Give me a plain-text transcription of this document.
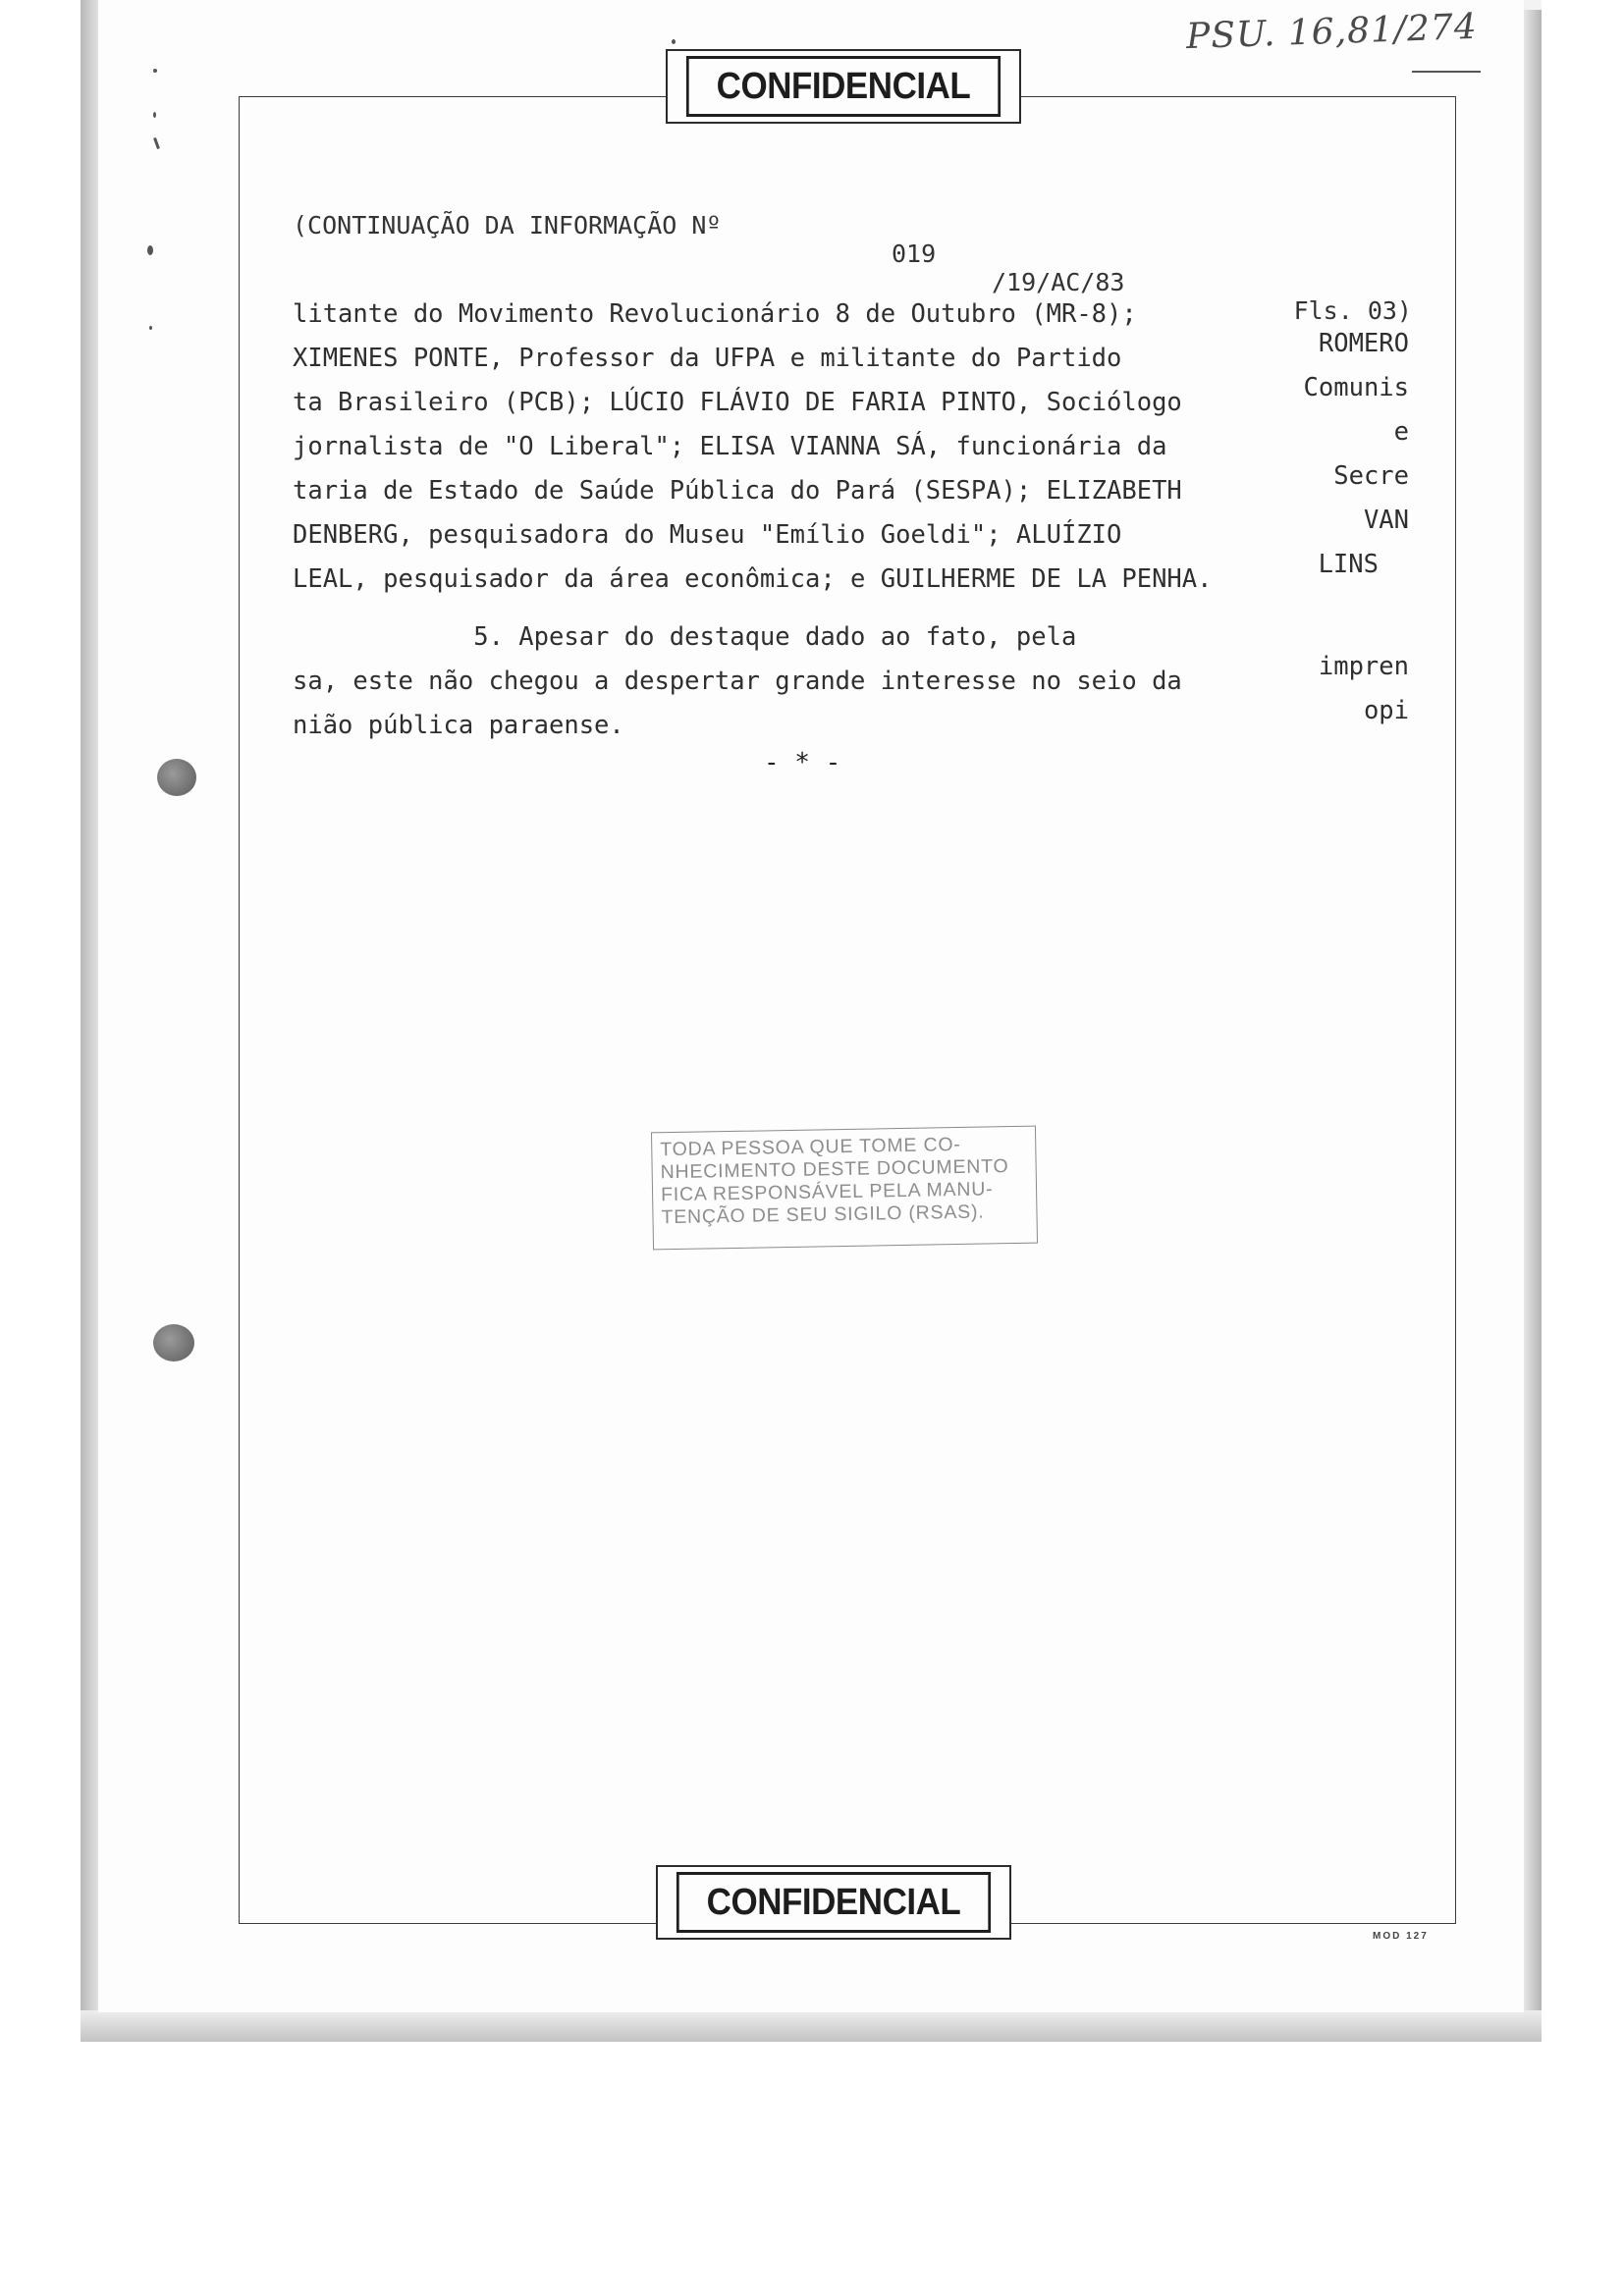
CONFIDENCIAL
PSU. 16,81/274

(CONTINUAÇÃO DA INFORMAÇÃO Nº

019

/19/AC/83

Fls. 03)

litante do Movimento Revolucionário 8 de Outubro (MR-8);

ROMERO

XIMENES PONTE, Professor da UFPA e militante do Partido

Comunis

ta Brasileiro (PCB); LÚCIO FLÁVIO DE FARIA PINTO, Sociólogo

e

jornalista de "O Liberal"; ELISA VIANNA SÁ, funcionária da

Secre

taria de Estado de Saúde Pública do Pará (SESPA); ELIZABETH

VAN

DENBERG, pesquisadora do Museu "Emílio Goeldi"; ALUÍZIO

LINS

LEAL, pesquisador da área econômica; e GUILHERME DE LA PENHA.

5. Apesar do destaque dado ao fato, pela

impren

sa, este não chegou a despertar grande interesse no seio da

opi

nião pública paraense.

- * -
TODA PESSOA QUE TOME CO-
NHECIMENTO DESTE DOCUMENTO
FICA RESPONSÁVEL PELA MANU-
TENÇÃO DE SEU SIGILO (RSAS).
CONFIDENCIAL
MOD 127
